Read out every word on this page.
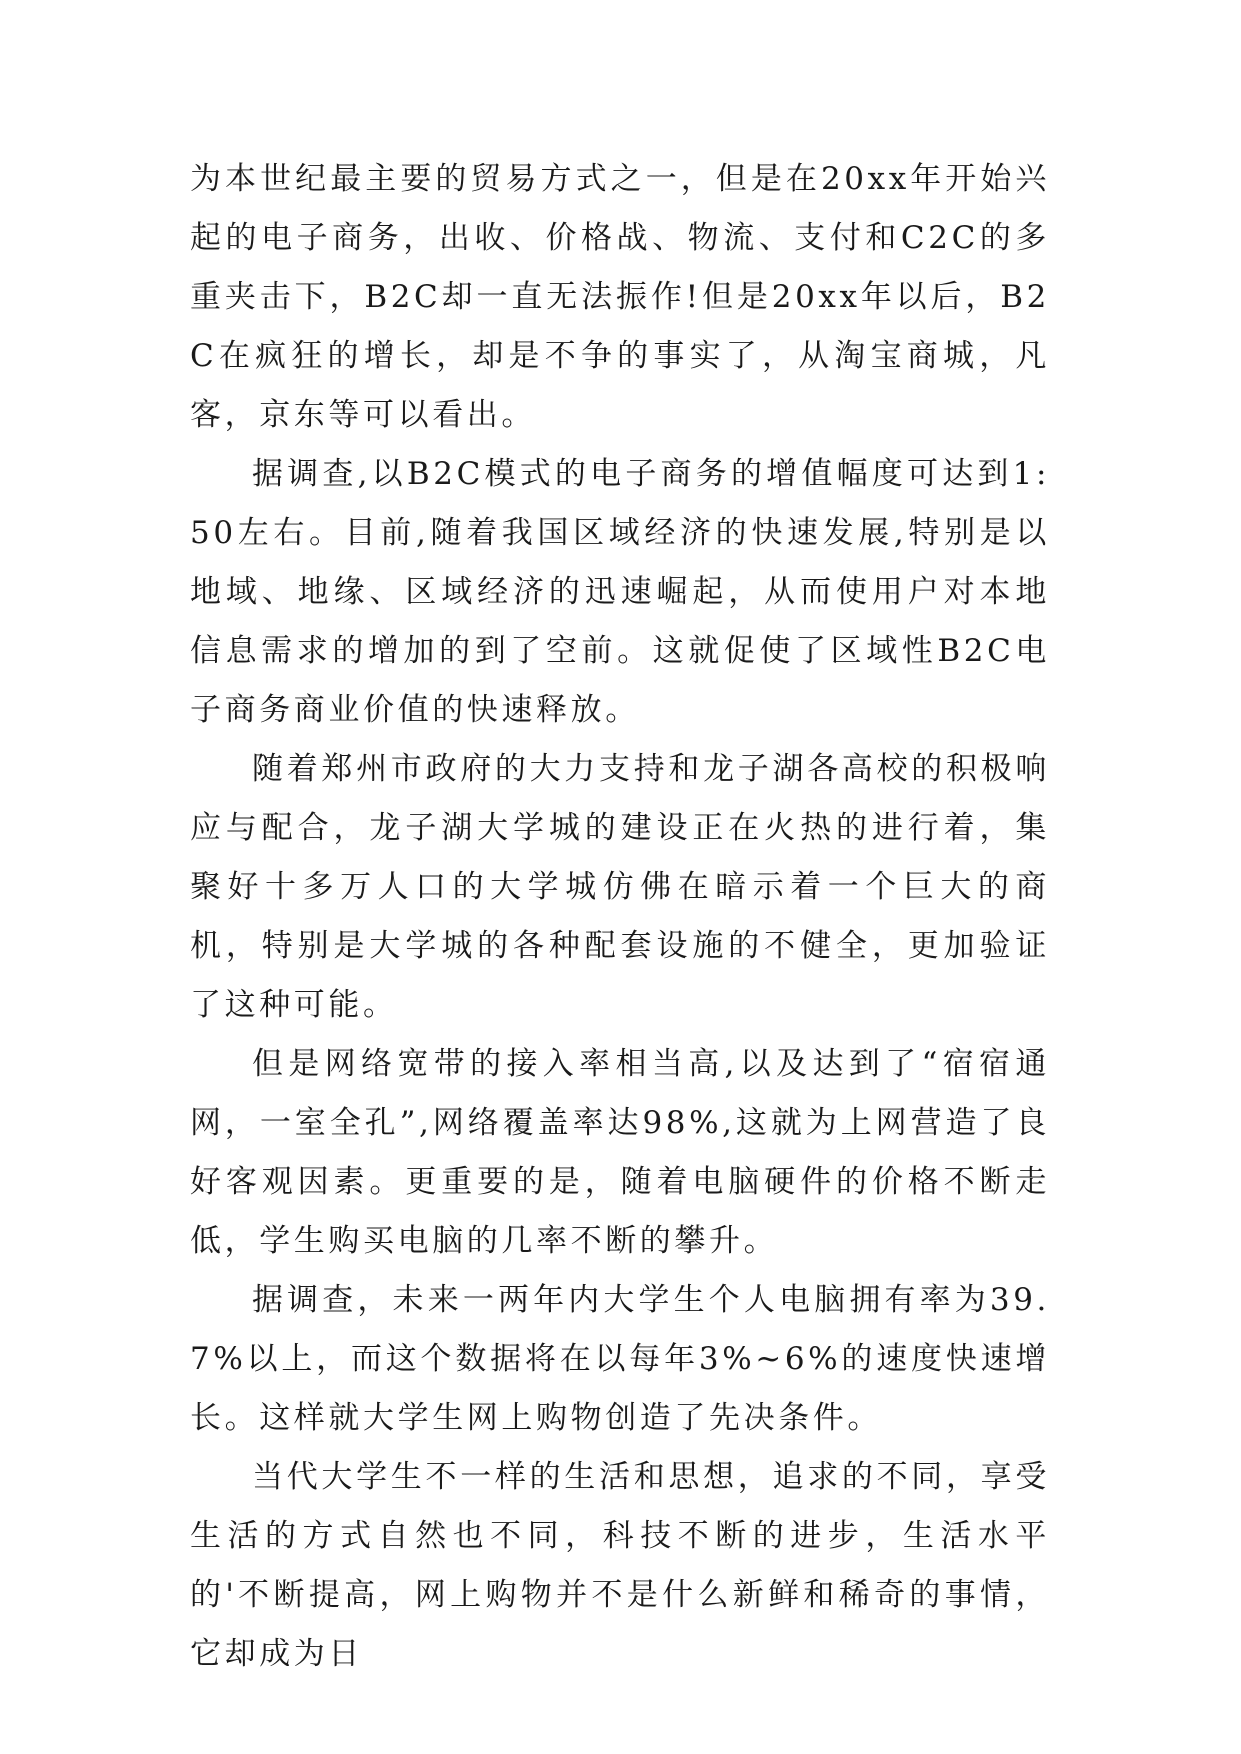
为本世纪最主要的贸易方式之一，但是在20xx年开始兴起的电子商务，出收、价格战、物流、支付和C2C的多重夹击下，B2C却一直无法振作!但是20xx年以后，B2C在疯狂的增长，却是不争的事实了，从淘宝商城，凡客，京东等可以看出。

据调查,以B2C模式的电子商务的增值幅度可达到1:50左右。目前,随着我国区域经济的快速发展,特别是以地域、地缘、区域经济的迅速崛起，从而使用户对本地信息需求的增加的到了空前。这就促使了区域性B2C电子商务商业价值的快速释放。

随着郑州市政府的大力支持和龙子湖各高校的积极响应与配合，龙子湖大学城的建设正在火热的进行着，集聚好十多万人口的大学城仿佛在暗示着一个巨大的商机，特别是大学城的各种配套设施的不健全，更加验证了这种可能。

但是网络宽带的接入率相当高,以及达到了“宿宿通网，一室全孔”,网络覆盖率达98%,这就为上网营造了良好客观因素。更重要的是，随着电脑硬件的价格不断走低，学生购买电脑的几率不断的攀升。

据调查，未来一两年内大学生个人电脑拥有率为39.7%以上，而这个数据将在以每年3%~6%的速度快速增长。这样就大学生网上购物创造了先决条件。

当代大学生不一样的生活和思想，追求的不同，享受生活的方式自然也不同，科技不断的进步，生活水平的'不断提高，网上购物并不是什么新鲜和稀奇的事情，它却成为日
